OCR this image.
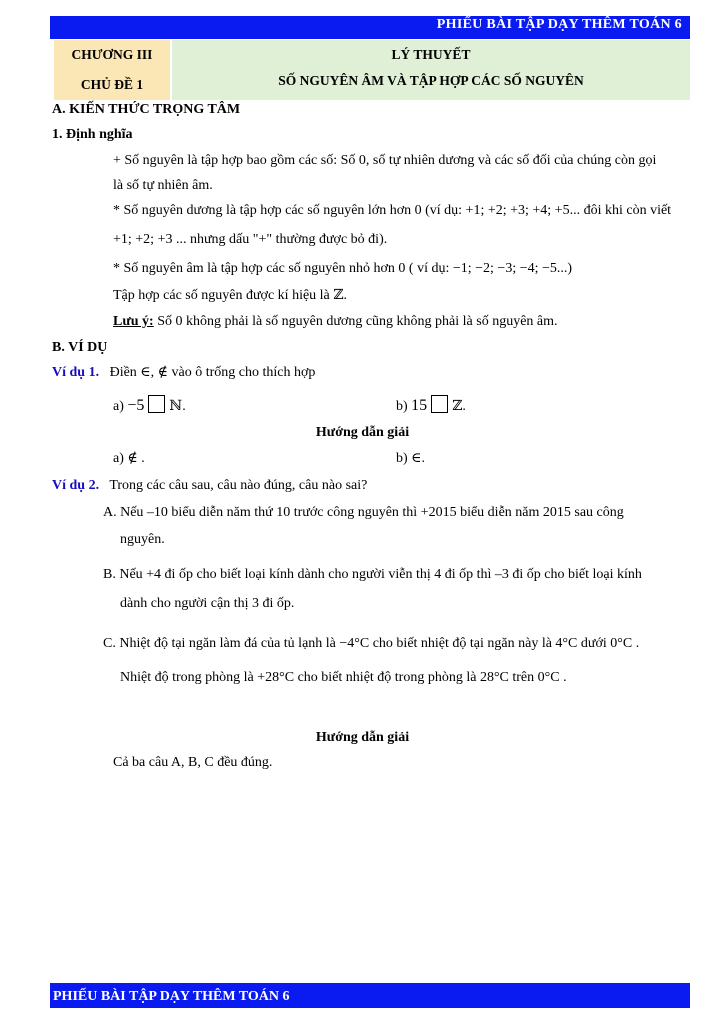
PHIẾU BÀI TẬP DẠY THÊM TOÁN 6
CHƯƠNG III
CHỦ ĐỀ 1
LÝ THUYẾT
SỐ NGUYÊN ÂM VÀ TẬP HỢP CÁC SỐ NGUYÊN
A. KIẾN THỨC TRỌNG TÂM
1. Định nghĩa
+ Số nguyên là tập hợp bao gồm các số: Số 0, số tự nhiên dương và các số đối của chúng còn gọi
là số tự nhiên âm.
* Số nguyên dương là tập hợp các số nguyên lớn hơn 0 (ví dụ: +1; +2; +3; +4; +5... đôi khi còn viết
+1; +2; +3 ... nhưng dấu "+" thường được bỏ đi).
* Số nguyên âm là tập hợp các số nguyên nhỏ hơn 0 ( ví dụ: −1; −2; −3; −4; −5...)
Tập hợp các số nguyên được kí hiệu là ℤ.
Lưu ý: Số 0 không phải là số nguyên dương cũng không phải là số nguyên âm.
B. VÍ DỤ
Ví dụ 1. Điền ∈, ∉ vào ô trống cho thích hợp
a) −5 ℕ.	b) 15 ℤ.
Hướng dẫn giải
a) ∉ .	b) ∈.
Ví dụ 2. Trong các câu sau, câu nào đúng, câu nào sai?
A. Nếu –10 biểu diễn năm thứ 10 trước công nguyên thì +2015 biểu diễn năm 2015 sau công
nguyên.
B. Nếu +4 đi ốp cho biết loại kính dành cho người viễn thị 4 đi ốp thì –3 đi ốp cho biết loại kính
dành cho người cận thị 3 đi ốp.
C. Nhiệt độ tại ngăn làm đá của tủ lạnh là −4°C cho biết nhiệt độ tại ngăn này là 4°C dưới 0°C .
Nhiệt độ trong phòng là +28°C cho biết nhiệt độ trong phòng là 28°C trên 0°C .
Hướng dẫn giải
Cả ba câu A, B, C đều đúng.
PHIẾU BÀI TẬP DẠY THÊM TOÁN 6
